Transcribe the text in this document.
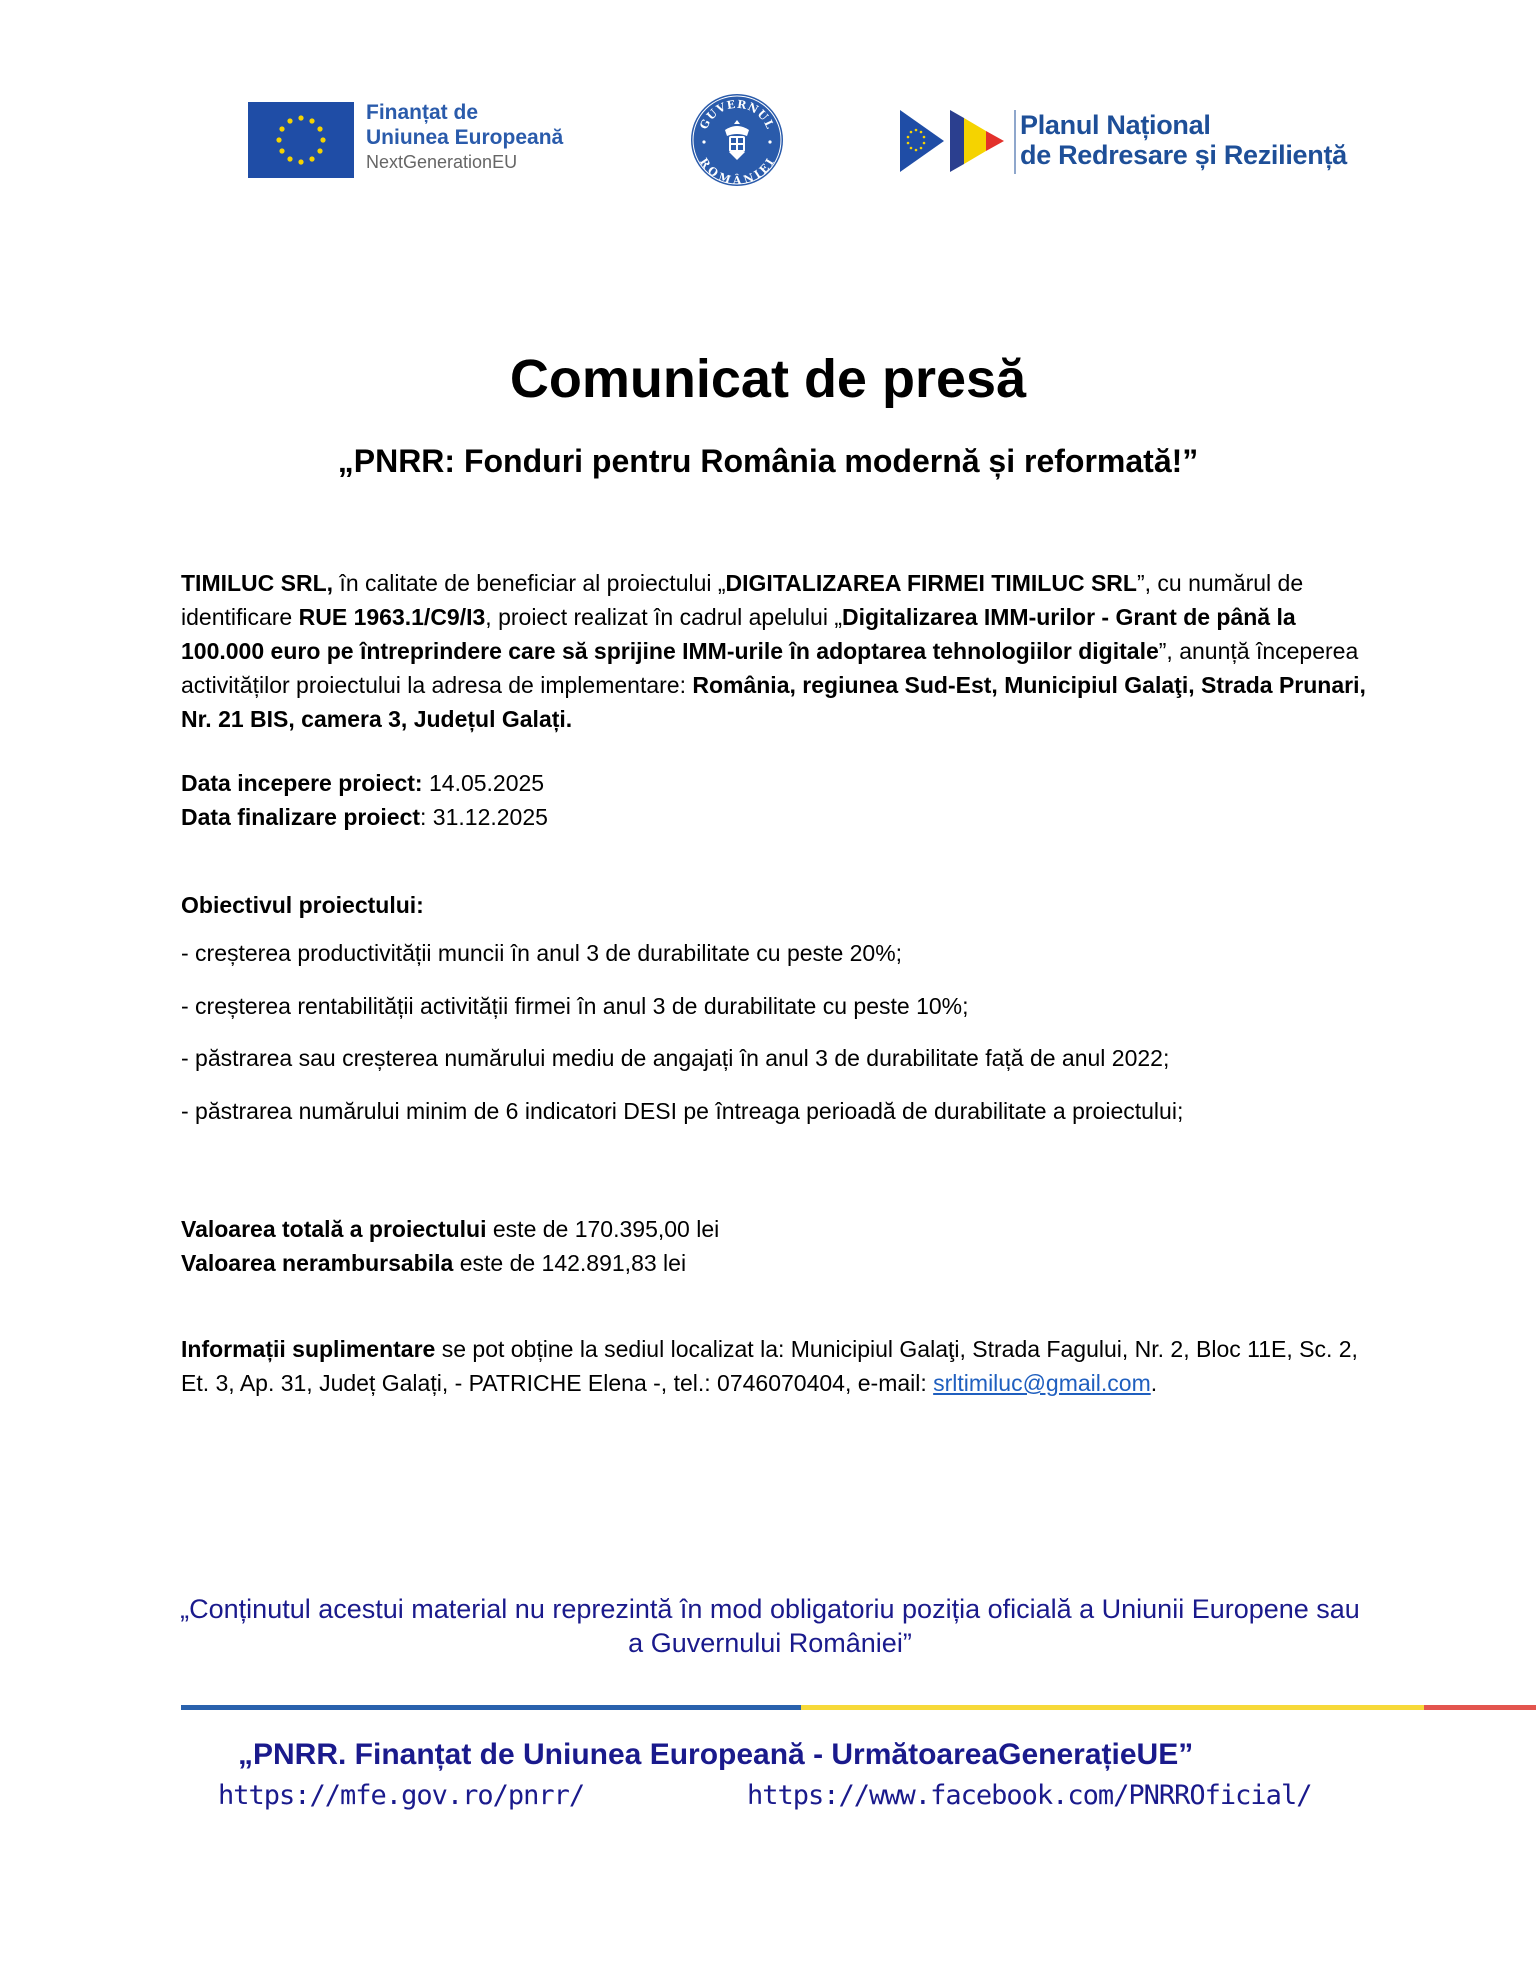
Finanțat de
Uniunea Europeană
NextGenerationEU
GUVERNUL
ROMÂNIEI
Planul Național
de Redresare și Reziliență
Comunicat de presă
„PNRR: Fonduri pentru România modernă și reformată!”
TIMILUC SRL, în calitate de beneficiar al proiectului „DIGITALIZAREA FIRMEI TIMILUC SRL”, cu numărul de identificare RUE 1963.1/C9/I3, proiect realizat în cadrul apelului „Digitalizarea IMM-urilor - Grant de până la 100.000 euro pe întreprindere care să sprijine IMM-urile în adoptarea tehnologiilor digitale”, anunță începerea activităților proiectului la adresa de implementare: România, regiunea Sud-Est, Municipiul Galaţi, Strada Prunari, Nr. 21 BIS, camera 3, Județul Galați.
Data incepere proiect: 14.05.2025
Data finalizare proiect: 31.12.2025
Obiectivul proiectului:
- creșterea productivității muncii în anul 3 de durabilitate cu peste 20%;
- creșterea rentabilității activității firmei în anul 3 de durabilitate cu peste 10%;
- păstrarea sau creșterea numărului mediu de angajați în anul 3 de durabilitate față de anul 2022;
- păstrarea numărului minim de 6 indicatori DESI pe întreaga perioadă de durabilitate a proiectului;
Valoarea totală a proiectului este de 170.395,00 lei
Valoarea nerambursabila este de 142.891,83 lei
Informații suplimentare se pot obține la sediul localizat la: Municipiul Galaţi, Strada Fagului, Nr. 2, Bloc 11E, Sc. 2, Et. 3, Ap. 31, Județ Galați, - PATRICHE Elena -, tel.: 0746070404, e-mail: srltimiluc@gmail.com.
„Conținutul acestui material nu reprezintă în mod obligatoriu poziția oficială a Uniunii Europene sau a Guvernului României”
„PNRR. Finanțat de Uniunea Europeană - UrmătoareaGenerațieUE”
https://mfe.gov.ro/pnrr/	https://www.facebook.com/PNRROficial/
